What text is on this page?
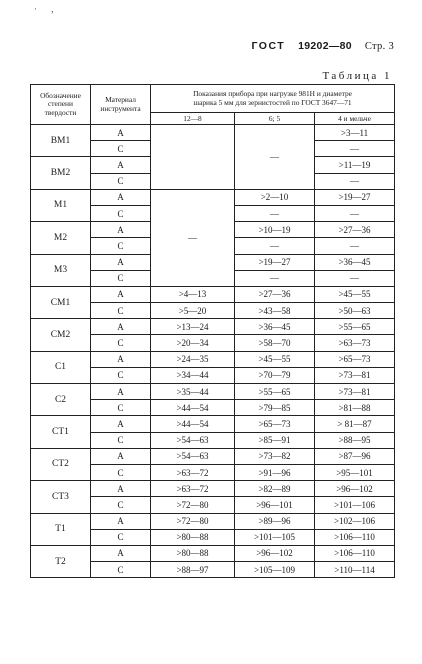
· ,
ГОСТ 19202—80 Стр. 3
Таблица 1
Обозначение
степени
твердости	Материал
инструмента	Показания прибора при нагрузке 981Н и диаметре
шарика 5 мм для зернистостей по ГОСТ 3647—71		
		12—8	6; 5	4 и мельче
ВМ1	А		—	>3—11
	С			—
ВМ2	А			>11—19
	С			—
М1	А	—	>2—10	>19—27
	С		—	—
М2	А		>10—19	>27—36
	С		—	—
М3	А		>19—27	>36—45
	С		—	—
СМ1	А	>4—13	>27—36	>45—55
	С	>5—20	>43—58	>50—63
СМ2	А	>13—24	>36—45	>55—65
	С	>20—34	>58—70	>63—73
С1	А	>24—35	>45—55	>65—73
	С	>34—44	>70—79	>73—81
С2	А	>35—44	>55—65	>73—81
	С	>44—54	>79—85	>81—88
СТ1	А	>44—54	>65—73	> 81—87
	С	>54—63	>85—91	>88—95
СТ2	А	>54—63	>73—82	>87—96
	С	>63—72	>91—96	>95—101
СТ3	А	>63—72	>82—89	>96—102
	С	>72—80	>96—101	>101—106
Т1	А	>72—80	>89—96	>102—106
	С	>80—88	>101—105	>106—110
Т2	А	>80—88	>96—102	>106—110
	С	>88—97	>105—109	>110—114
